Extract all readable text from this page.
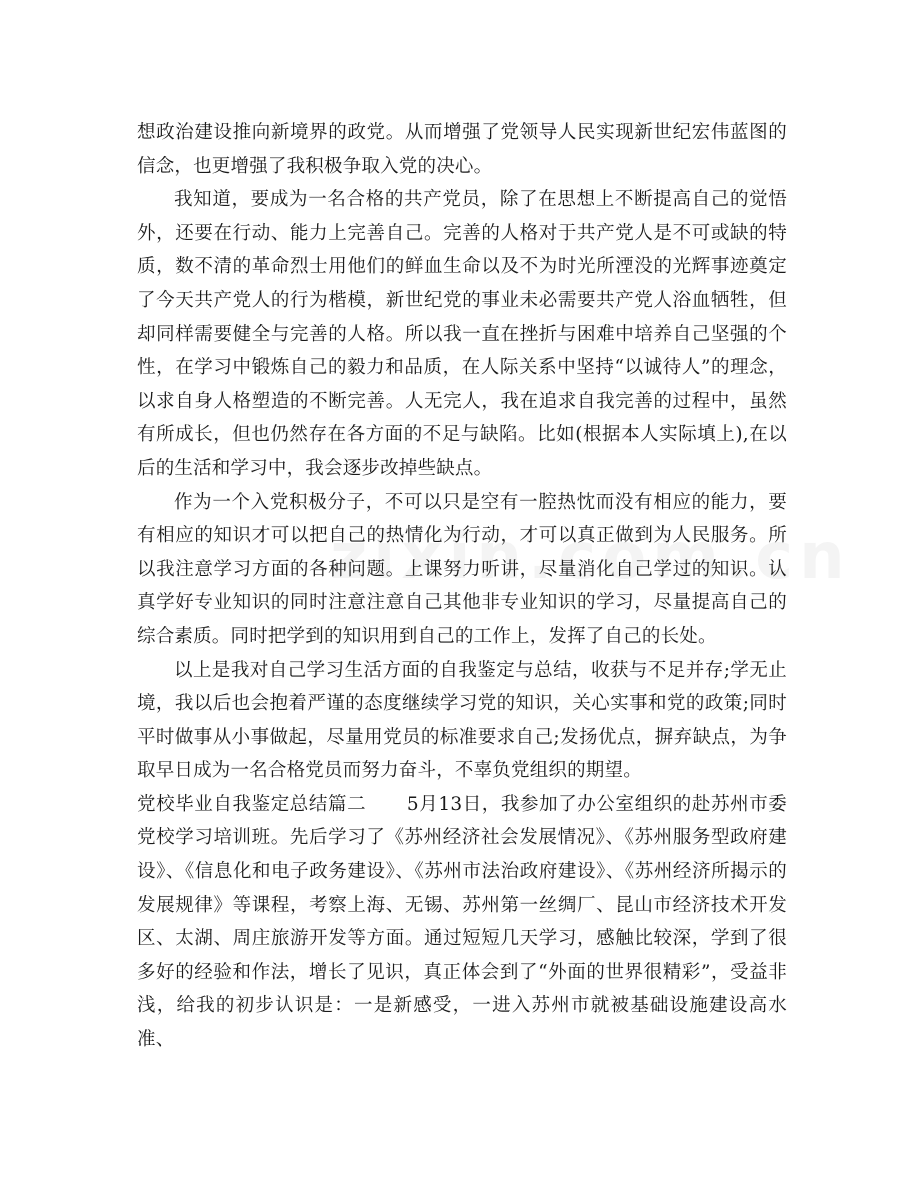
想政治建设推向新境界的政党。从而增强了党领导人民实现新世纪宏伟蓝图的信念，也更增强了我积极争取入党的决心。

我知道，要成为一名合格的共产党员，除了在思想上不断提高自己的觉悟外，还要在行动、能力上完善自己。完善的人格对于共产党人是不可或缺的特质，数不清的革命烈士用他们的鲜血生命以及不为时光所湮没的光辉事迹奠定了今天共产党人的行为楷模，新世纪党的事业未必需要共产党人浴血牺牲，但却同样需要健全与完善的人格。所以我一直在挫折与困难中培养自己坚强的个性，在学习中锻炼自己的毅力和品质，在人际关系中坚持“以诚待人”的理念，以求自身人格塑造的不断完善。人无完人，我在追求自我完善的过程中，虽然有所成长，但也仍然存在各方面的不足与缺陷。比如(根据本人实际填上),在以后的生活和学习中，我会逐步改掉些缺点。

作为一个入党积极分子，不可以只是空有一腔热忱而没有相应的能力，要有相应的知识才可以把自己的热情化为行动，才可以真正做到为人民服务。所以我注意学习方面的各种问题。上课努力听讲，尽量消化自己学过的知识。认真学好专业知识的同时注意注意自己其他非专业知识的学习，尽量提高自己的综合素质。同时把学到的知识用到自己的工作上，发挥了自己的长处。

以上是我对自己学习生活方面的自我鉴定与总结，收获与不足并存;学无止境，我以后也会抱着严谨的态度继续学习党的知识，关心实事和党的政策;同时平时做事从小事做起，尽量用党员的标准要求自己;发扬优点，摒弃缺点，为争取早日成为一名合格党员而努力奋斗，不辜负党组织的期望。

党校毕业自我鉴定总结篇二 5月13日，我参加了办公室组织的赴苏州市委党校学习培训班。先后学习了《苏州经济社会发展情况》、《苏州服务型政府建设》、《信息化和电子政务建设》、《苏州市法治政府建设》、《苏州经济所揭示的发展规律》等课程，考察上海、无锡、苏州第一丝绸厂、昆山市经济技术开发区、太湖、周庄旅游开发等方面。通过短短几天学习，感触比较深，学到了很多好的经验和作法，增长了见识，真正体会到了“外面的世界很精彩”，受益非浅，给我的初步认识是：一是新感受，一进入苏州市就被基础设施建设高水准、
